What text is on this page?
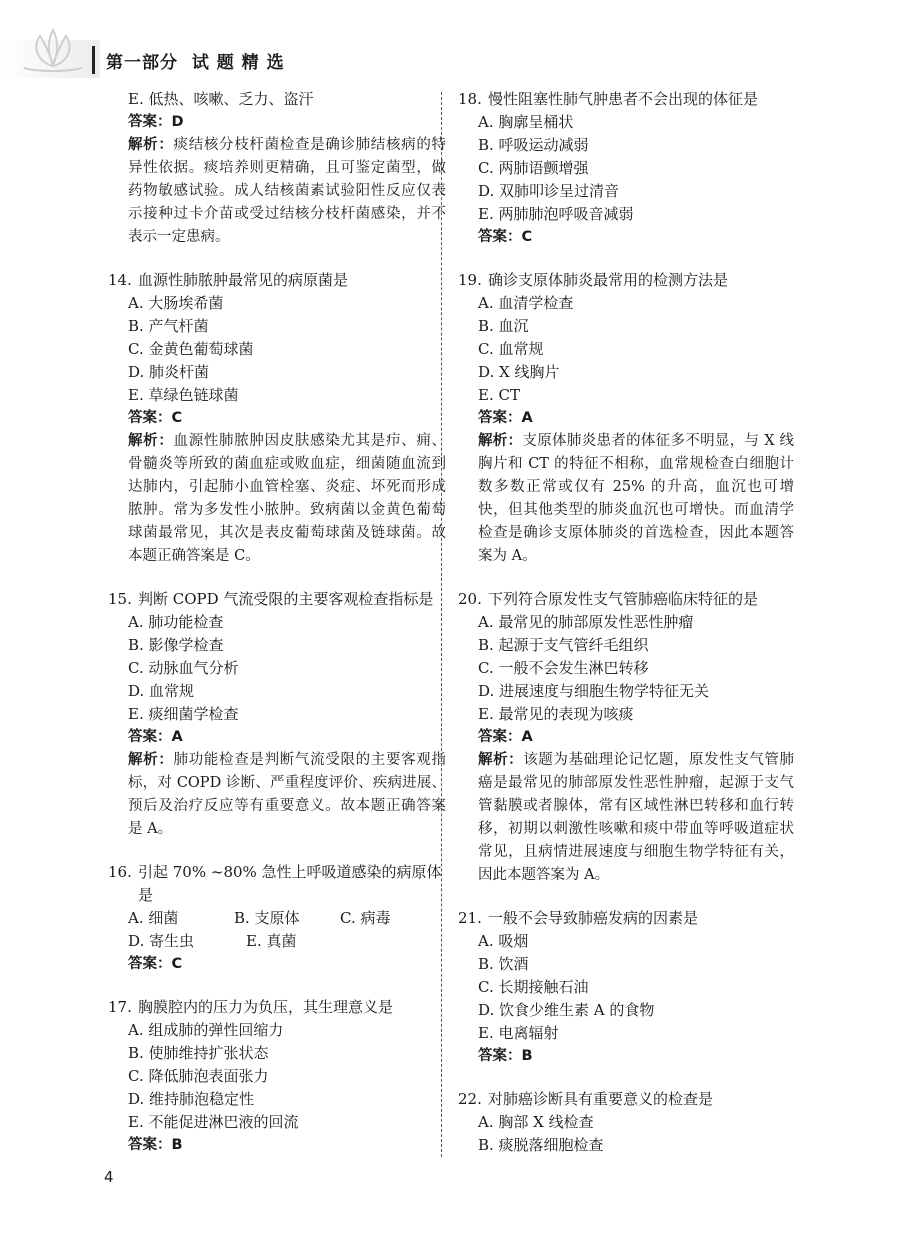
第一部分  试 题 精 选
E. 低热、咳嗽、乏力、盗汗
答案：D
解析：痰结核分枝杆菌检查是确诊肺结核病的特异性依据。痰培养则更精确，且可鉴定菌型，做药物敏感试验。成人结核菌素试验阳性反应仅表示接种过卡介苗或受过结核分枝杆菌感染，并不表示一定患病。
14. 血源性肺脓肿最常见的病原菌是
A. 大肠埃希菌
B. 产气杆菌
C. 金黄色葡萄球菌
D. 肺炎杆菌
E. 草绿色链球菌
答案：C
解析：血源性肺脓肿因皮肤感染尤其是疖、痈、骨髓炎等所致的菌血症或败血症，细菌随血流到达肺内，引起肺小血管栓塞、炎症、坏死而形成脓肿。常为多发性小脓肿。致病菌以金黄色葡萄球菌最常见，其次是表皮葡萄球菌及链球菌。故本题正确答案是 C。
15. 判断 COPD 气流受限的主要客观检查指标是
A. 肺功能检查
B. 影像学检查
C. 动脉血气分析
D. 血常规
E. 痰细菌学检查
答案：A
解析：肺功能检查是判断气流受限的主要客观指标，对 COPD 诊断、严重程度评价、疾病进展、预后及治疗反应等有重要意义。故本题正确答案是 A。
16. 引起 70% ~80% 急性上呼吸道感染的病原体是
A. 细菌	B. 支原体	C. 病毒
D. 寄生虫	E. 真菌
答案：C
17. 胸膜腔内的压力为负压，其生理意义是
A. 组成肺的弹性回缩力
B. 使肺维持扩张状态
C. 降低肺泡表面张力
D. 维持肺泡稳定性
E. 不能促进淋巴液的回流
答案：B
18. 慢性阻塞性肺气肿患者不会出现的体征是
A. 胸廓呈桶状
B. 呼吸运动减弱
C. 两肺语颤增强
D. 双肺叩诊呈过清音
E. 两肺肺泡呼吸音减弱
答案：C
19. 确诊支原体肺炎最常用的检测方法是
A. 血清学检查
B. 血沉
C. 血常规
D. X 线胸片
E. CT
答案：A
解析：支原体肺炎患者的体征多不明显，与 X 线胸片和 CT 的特征不相称，血常规检查白细胞计数多数正常或仅有 25% 的升高，血沉也可增快，但其他类型的肺炎血沉也可增快。而血清学检查是确诊支原体肺炎的首选检查，因此本题答案为 A。
20. 下列符合原发性支气管肺癌临床特征的是
A. 最常见的肺部原发性恶性肿瘤
B. 起源于支气管纤毛组织
C. 一般不会发生淋巴转移
D. 进展速度与细胞生物学特征无关
E. 最常见的表现为咳痰
答案：A
解析：该题为基础理论记忆题，原发性支气管肺癌是最常见的肺部原发性恶性肿瘤，起源于支气管黏膜或者腺体，常有区域性淋巴转移和血行转移，初期以刺激性咳嗽和痰中带血等呼吸道症状常见，且病情进展速度与细胞生物学特征有关，因此本题答案为 A。
21. 一般不会导致肺癌发病的因素是
A. 吸烟
B. 饮酒
C. 长期接触石油
D. 饮食少维生素 A 的食物
E. 电离辐射
答案：B
22. 对肺癌诊断具有重要意义的检查是
A. 胸部 X 线检查
B. 痰脱落细胞检查
4
